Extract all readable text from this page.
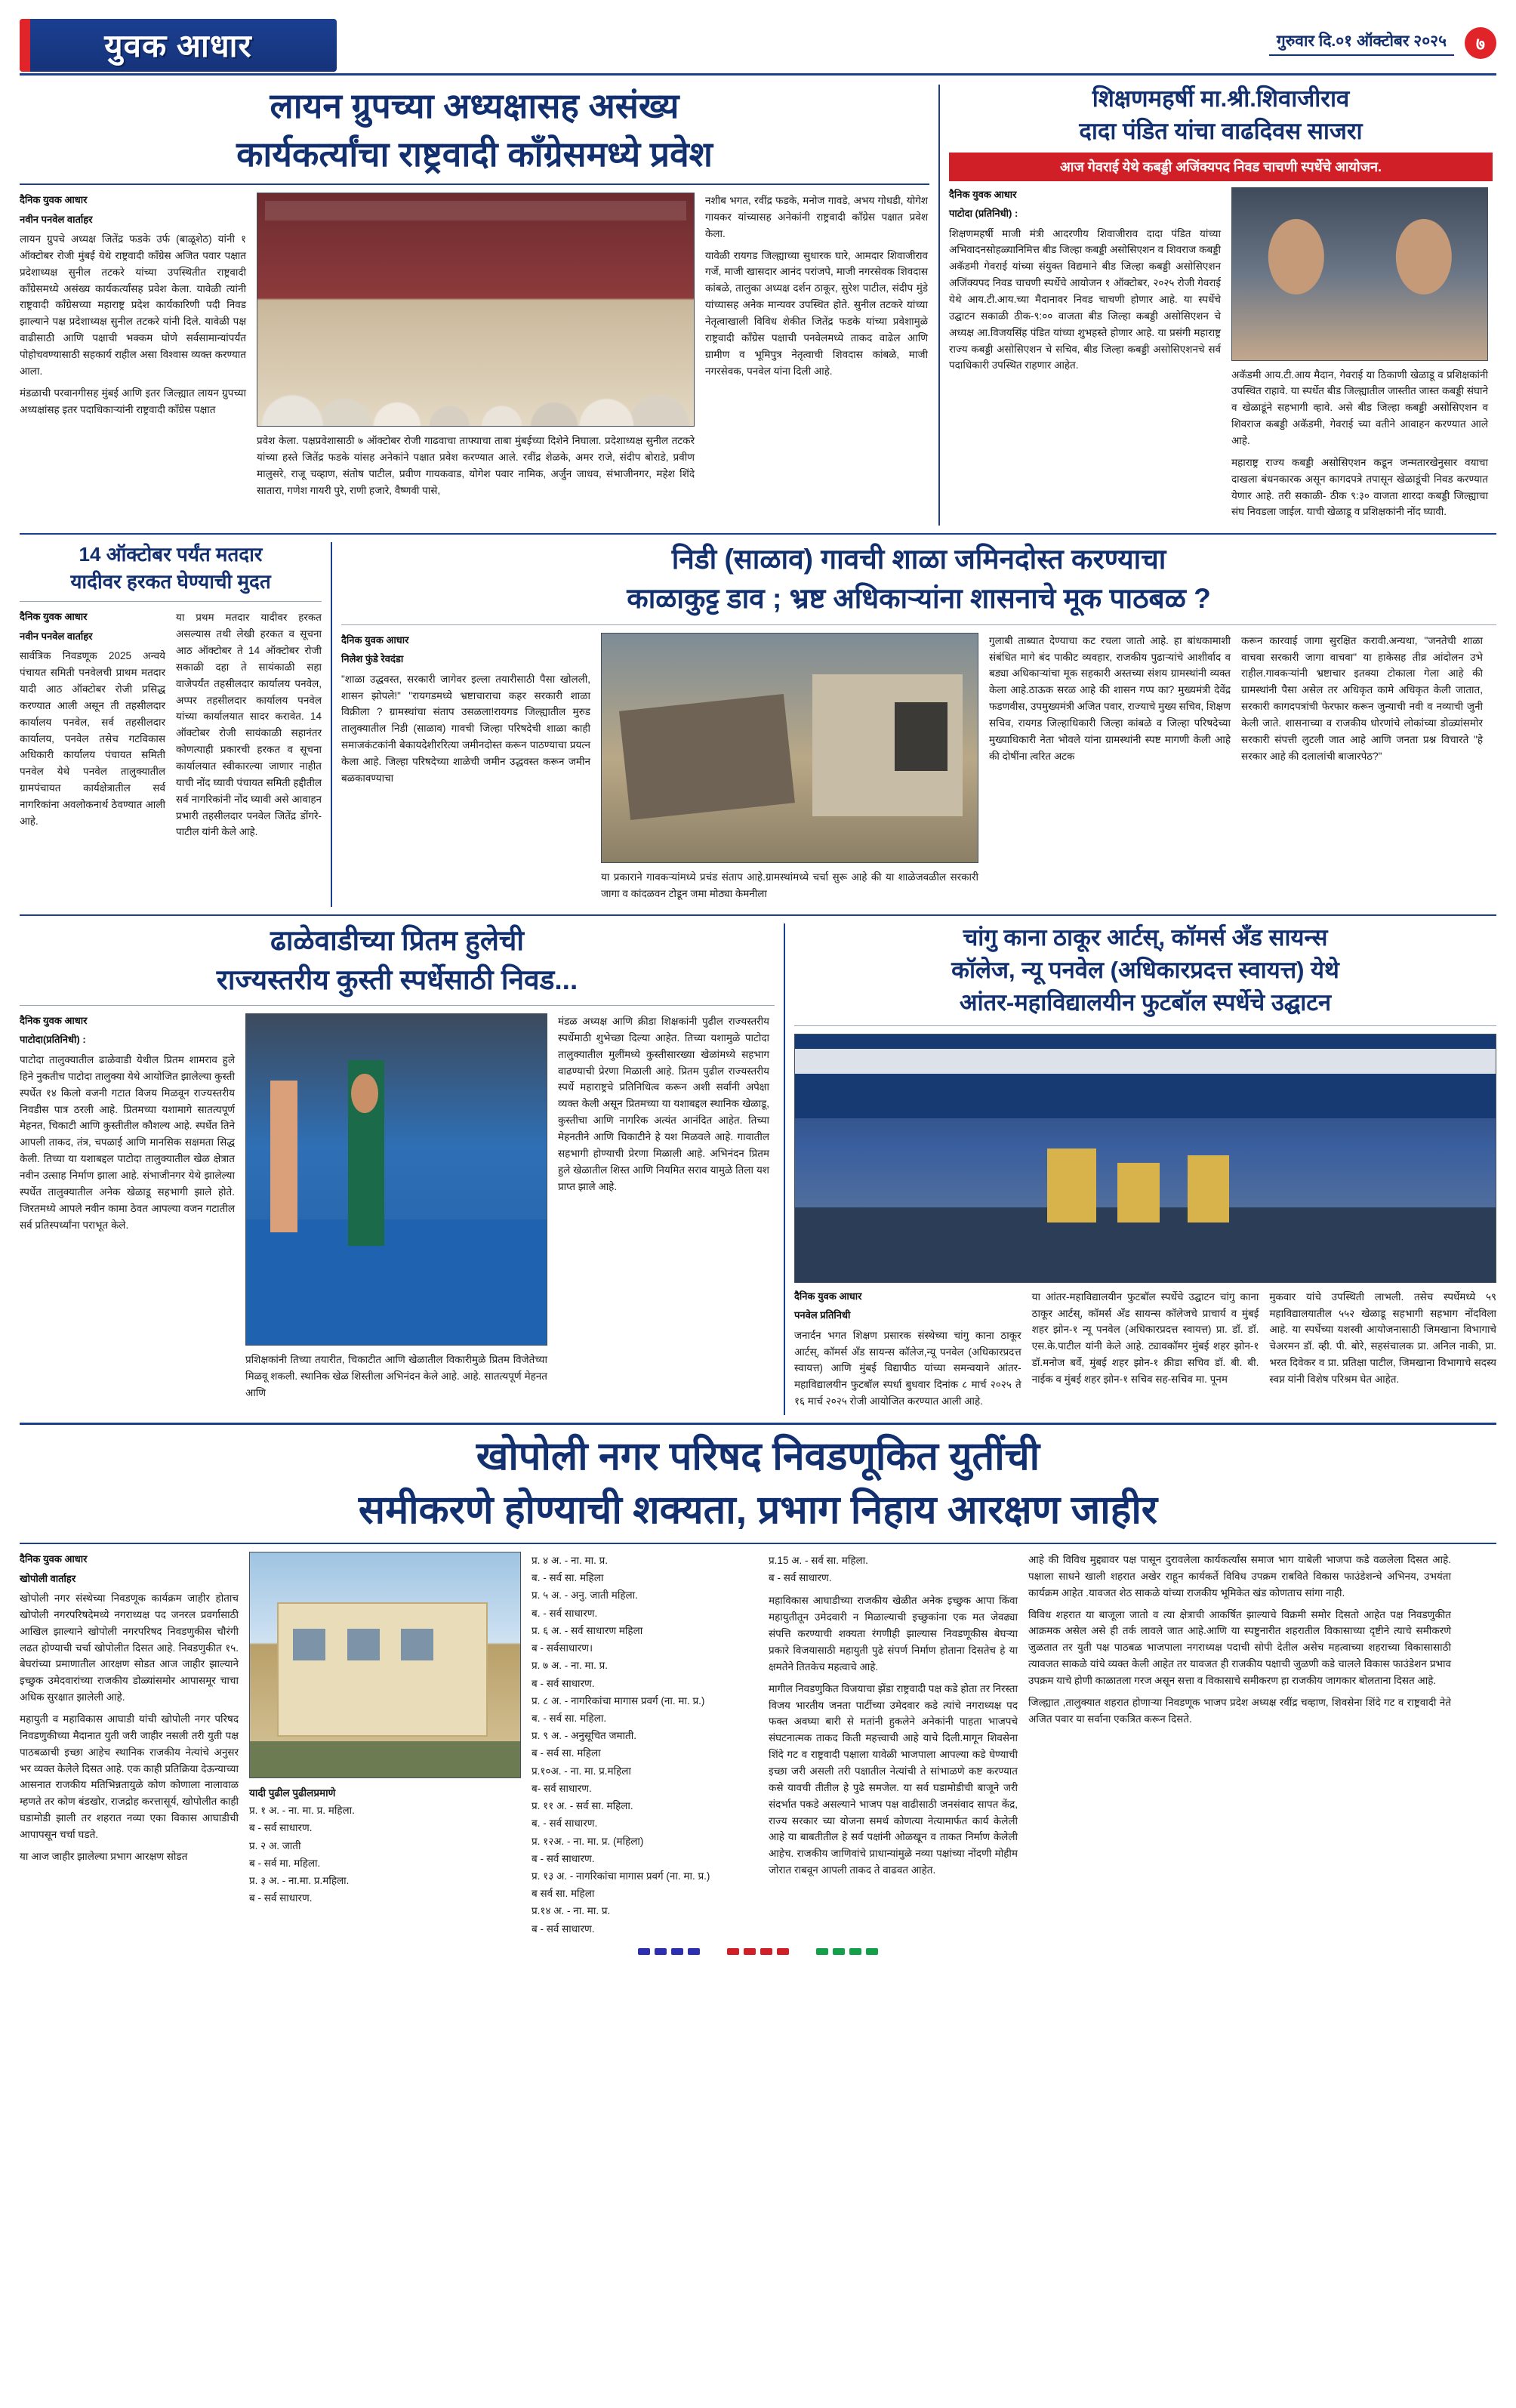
युवक आधार	गुरुवार दि.०१ ऑक्टोबर २०२५	७
लायन ग्रुपच्या अध्यक्षासह असंख्य
कार्यकर्त्यांचा राष्ट्रवादी काँग्रेसमध्ये प्रवेश
दैनिक युवक आधार
नवीन पनवेल वार्ताहर

लायन ग्रुपचे अध्यक्ष जितेंद्र फडके उर्फ (बाळूशेठ) यांनी १ ऑक्टोबर रोजी मुंबई येथे राष्ट्रवादी काँग्रेस अजित पवार पक्षात प्रदेशाध्यक्ष सुनील तटकरे यांच्या उपस्थितीत राष्ट्रवादी काँग्रेसमध्ये असंख्य कार्यकर्त्यांसह प्रवेश केला. यावेळी त्यांनी राष्ट्रवादी काँग्रेसच्या महाराष्ट्र प्रदेश कार्यकारिणी पदी निवड झाल्याने पक्ष प्रदेशाध्यक्ष सुनील तटकरे यांनी दिले. यावेळी पक्ष वाढीसाठी आणि पक्षाची भक्कम घोणे सर्वसामान्यांपर्यंत पोहोचवण्यासाठी सहकार्य राहील असा विश्वास व्यक्त करण्यात आला.

मंडळाची परवानगीसह मुंबई आणि इतर जिल्ह्यात लायन ग्रुपच्या अध्यक्षांसह इतर पदाधिकाऱ्यांनी राष्ट्रवादी काँग्रेस पक्षात

प्रवेश केला. पक्षप्रवेशासाठी ७ ऑक्टोबर रोजी गाढवाचा ताफ्याचा ताबा मुंबईच्या दिशेने निघाला. प्रदेशाध्यक्ष सुनील तटकरे यांच्या हस्ते जितेंद्र फडके यांसह अनेकांने पक्षात प्रवेश करण्यात आले. रवींद्र शेळके, अमर राजे, संदीप बोराडे, प्रवीण मालुसरे, राजू चव्हाण, संतोष पाटील, प्रवीण गायकवाड, योगेश पवार नामिक, अर्जुन जाधव, संभाजीनगर, महेश शिंदे सातारा, गणेश गायरी पुरे, राणी हजारे, वैष्णवी पासे,

नशीब भगत, रवींद्र फडके, मनोज गावडे, अभय गोधडी, योगेश गायकर यांच्यासह अनेकांनी राष्ट्रवादी काँग्रेस पक्षात प्रवेश केला.

यावेळी रायगड जिल्ह्याच्या सुधारक घारे, आमदार शिवाजीराव गर्जे, माजी खासदार आनंद परांजपे, माजी नगरसेवक शिवदास कांबळे, तालुका अध्यक्ष दर्शन ठाकूर, सुरेश पाटील, संदीप मुंडे यांच्यासह अनेक मान्यवर उपस्थित होते. सुनील तटकरे यांच्या नेतृत्वाखाली विविध शेकीत जितेंद्र फडके यांच्या प्रवेशामुळे राष्ट्रवादी काँग्रेस पक्षाची पनवेलमध्ये ताकद वाढेल आणि ग्रामीण व भूमिपुत्र नेतृत्वाची शिवदास कांबळे, माजी नगरसेवक, पनवेल यांना दिली आहे.

शिक्षणमहर्षी मा.श्री.शिवाजीराव
दादा पंडित यांचा वाढदिवस साजरा
आज गेवराई येथे कबड्डी अजिंक्यपद निवड चाचणी स्पर्धेचे आयोजन.
दैनिक युवक आधार
पाटोदा (प्रतिनिधी) :

शिक्षणमहर्षी माजी मंत्री आदरणीय शिवाजीराव दादा पंडित यांच्या अभिवादनसोहळ्यानिमित्त बीड जिल्हा कबड्डी असोसिएशन व शिवराज कबड्डी अकॅडमी गेवराई यांच्या संयुक्त विद्यमाने बीड जिल्हा कबड्डी असोसिएशन अजिंक्यपद निवड चाचणी स्पर्धेचे आयोजन १ ऑक्टोबर, २०२५ रोजी गेवराई येथे आय.टी.आय.च्या मैदानावर निवड चाचणी होणार आहे. या स्पर्धेचे उद्घाटन सकाळी ठीक-९:०० वाजता बीड जिल्हा कबड्डी असोसिएशन चे अध्यक्ष आ.विजयसिंह पंडित यांच्या शुभहस्ते होणार आहे. या प्रसंगी महाराष्ट्र राज्य कबड्डी असोसिएशन चे सचिव, बीड जिल्हा कबड्डी असोसिएशनचे सर्व पदाधिकारी उपस्थित राहणार आहेत.

अकॅडमी आय.टी.आय मैदान, गेवराई या ठिकाणी खेळाडू व प्रशिक्षकांनी उपस्थित राहावे. या स्पर्धेत बीड जिल्ह्यातील जास्तीत जास्त कबड्डी संघाने व खेळाडूंने सहभागी व्हावे. असे बीड जिल्हा कबड्डी असोसिएशन व शिवराज कबड्डी अकॅडमी, गेवराई च्या वतीने आवाहन करण्यात आले आहे.

महाराष्ट्र राज्य कबड्डी असोसिएशन कडून जन्मतारखेनुसार वयाचा दाखला बंधनकारक असून कागदपत्रे तपासून खेळाडूंची निवड करण्यात येणार आहे. तरी सकाळी- ठीक ९:३० वाजता शारदा कबड्डी जिल्ह्याचा संघ निवडला जाईल. याची खेळाडू व प्रशिक्षकांनी नोंद घ्यावी.

14 ऑक्टोबर पर्यंत मतदार
यादीवर हरकत घेण्याची मुदत
दैनिक युवक आधार
नवीन पनवेल वार्ताहर

सार्वत्रिक निवडणूक 2025 अन्वये पंचायत समिती पनवेलची प्राथम मतदार यादी आठ ऑक्टोबर रोजी प्रसिद्ध करण्यात आली असून ती तहसीलदार कार्यालय पनवेल, सर्व तहसीलदार कार्यालय, पनवेल तसेच गटविकास अधिकारी कार्यालय पंचायत समिती पनवेल येथे पनवेल तालुक्यातील ग्रामपंचायत कार्यक्षेत्रातील सर्व नागरिकांना अवलोकनार्थ ठेवण्यात आली आहे.

या प्रथम मतदार यादीवर हरकत असल्यास तथी लेखी हरकत व सूचना आठ ऑक्टोबर ते 14 ऑक्टोबर रोजी सकाळी दहा ते सायंकाळी सहा वाजेपर्यंत तहसीलदार कार्यालय पनवेल, अप्पर तहसीलदार कार्यालय पनवेल यांच्या कार्यालयात सादर करावेत. 14 ऑक्टोबर रोजी सायंकाळी सहानंतर कोणत्याही प्रकारची हरकत व सूचना कार्यालयात स्वीकारल्या जाणार नाहीत याची नोंद घ्यावी पंचायत समिती हद्दीतील सर्व नागरिकांनी नोंद घ्यावी असे आवाहन प्रभारी तहसीलदार पनवेल जितेंद्र डोंगरे-पाटील यांनी केले आहे.

निडी (साळाव) गावची शाळा जमिनदोस्त करण्याचा
काळाकुट्ट डाव ; भ्रष्ट अधिकाऱ्यांना शासनाचे मूक पाठबळ ?
दैनिक युवक आधार
निलेश फुंडे रेवदंडा

"शाळा उद्धवस्त, सरकारी जागेवर इल्ला तयारीसाठी पैसा खोलली, शासन झोपले!" "रायगडमध्ये भ्रष्टाचाराचा कहर सरकारी शाळा विक्रीला ? ग्रामस्थांचा संताप उसळला!रायगड जिल्ह्यातील मुरुड तालुक्यातील निडी (साळाव) गावची जिल्हा परिषदेची शाळा काही समाजकंटकांनी बेकायदेशीररित्या जमीनदोस्त करून पाठण्याचा प्रयत्न केला आहे. जिल्हा परिषदेच्या शाळेची जमीन उद्धवस्त करून जमीन बळकावण्याचा

या प्रकाराने गावकऱ्यांमध्ये प्रचंड संताप आहे.ग्रामस्थांमध्ये चर्चा सुरू आहे की या शाळेजवळील सरकारी जागा व कांदळवन टोडून जमा मोठ्या केमनीला

गुलाबी ताब्यात देण्याचा कट रचला जातो आहे. हा बांधकामाशी संबंधित मागे बंद पाकीट व्यवहार, राजकीय पुढाऱ्यांचे आशीर्वाद व बड्या अधिकाऱ्यांचा मूक सहकारी अस्तच्या संशय ग्रामस्थांनी व्यक्त केला आहे.ठाऊक सरळ आहे की शासन गप्प का? मुख्यमंत्री देवेंद्र फडणवीस, उपमुख्यमंत्री अजित पवार, राज्याचे मुख्य सचिव, शिक्षण सचिव, रायगड जिल्हाधिकारी जिल्हा कांबळे व जिल्हा परिषदेच्या मुख्याधिकारी नेता भोवले यांना ग्रामस्थांनी स्पष्ट मागणी केली आहे की दोषींना त्वरित अटक

करून कारवाई जागा सुरक्षित करावी.अन्यथा, "जनतेची शाळा वाचवा सरकारी जागा वाचवा" या हाकेसह तीव्र आंदोलन उभे राहील.गावकऱ्यांनी भ्रष्टाचार इतक्या टोकाला गेला आहे की ग्रामस्थांनी पैसा असेल तर अधिकृत कामे अधिकृत केली जातात, सरकारी कागदपत्रांची फेरफार करून जुन्याची नवी व नव्याची जुनी केली जाते. शासनाच्या व राजकीय धोरणांचे लोकांच्या डोळ्यांसमोर सरकारी संपत्ती लुटली जात आहे आणि जनता प्रश्न विचारते "हे सरकार आहे की दलालांची बाजारपेठ?"

ढाळेवाडीच्या प्रितम हुलेची
राज्यस्तरीय कुस्ती स्पर्धेसाठी निवड...
दैनिक युवक आधार
पाटोदा(प्रतिनिधी) :

पाटोदा तालुक्यातील ढाळेवाडी येथील प्रितम शामराव हुले हिने नुकतीच पाटोदा तालुक्या येथे आयोजित झालेल्या कुस्ती स्पर्धेत १४ किलो वजनी गटात विजय मिळवून राज्यस्तरीय निवडीस पात्र ठरली आहे. प्रितमच्या यशामागे सातत्यपूर्ण मेहनत, चिकाटी आणि कुस्तीतील कौशल्य आहे. स्पर्धेत तिने आपली ताकद, तंत्र, चपळाई आणि मानसिक सक्षमता सिद्ध केली. तिच्या या यशाबद्दल पाटोदा तालुक्यातील खेळ क्षेत्रात नवीन उत्साह निर्माण झाला आहे. संभाजीनगर येथे झालेल्या स्पर्धेत तालुक्यातील अनेक खेळाडू सहभागी झाले होते. जिरतमध्ये आपले नवीन कामा ठेवत आपल्या वजन गटातील सर्व प्रतिस्पर्ध्यांना पराभूत केले.

प्रशिक्षकांनी तिच्या तयारीत, चिकाटीत आणि खेळातील विकारीमुळे प्रितम विजेतेच्या मिळवू शकली. स्थानिक खेळ शिस्तीला अभिनंदन केले आहे. आहे. सातत्यपूर्ण मेहनत आणि

मंडळ अध्यक्ष आणि क्रीडा शिक्षकांनी पुढील राज्यस्तरीय स्पर्धेमाठी शुभेच्छा दिल्या आहेत. तिच्या यशामुळे पाटोदा तालुक्यातील मुलींमध्ये कुस्तीसारख्या खेळांमध्ये सहभाग वाढण्याची प्रेरणा मिळाली आहे. प्रितम पुढील राज्यस्तरीय स्पर्धे महाराष्ट्रचे प्रतिनिधित्व करून अशी सर्वांनी अपेक्षा व्यक्त केली असून प्रितमच्या या यशाबद्दल स्थानिक खेळाडू, कुस्तीचा आणि नागरिक अत्यंत आनंदित आहेत. तिच्या मेहनतीने आणि चिकाटीने हे यश मिळवले आहे. गावातील सहभागी होण्याची प्रेरणा मिळाली आहे. अभिनंदन प्रितम हुले खेळातील शिस्त आणि नियमित सराव यामुळे तिला यश प्राप्त झाले आहे.

चांगु काना ठाकूर आर्टस्, कॉमर्स अँड सायन्स
कॉलेज, न्यू पनवेल (अधिकारप्रदत्त स्वायत्त) येथे
आंतर-महाविद्यालयीन फुटबॉल स्पर्धेचे उद्घाटन
दैनिक युवक आधार
पनवेल प्रतिनिधी

जनार्दन भगत शिक्षण प्रसारक संस्थेच्या चांगु काना ठाकूर आर्टस्, कॉमर्स अँड सायन्स कॉलेज,न्यू पनवेल (अधिकारप्रदत्त स्वायत्त) आणि मुंबई विद्यापीठ यांच्या समन्वयाने आंतर-महाविद्यालयीन फुटबॉल स्पर्धा बुधवार दिनांक ८ मार्च २०२५ ते १६ मार्च २०२५ रोजी आयोजित करण्यात आली आहे.

या आंतर-महाविद्यालयीन फुटबॉल स्पर्धेचे उद्घाटन चांगु काना ठाकूर आर्टस्, कॉमर्स अँड सायन्स कॉलेजचे प्राचार्य व मुंबई शहर झोन-१ न्यू पनवेल (अधिकारप्रदत्त स्वायत्त) प्रा. डॉ. डॉ. एस.के.पाटील यांनी केले आहे. ट्यावकॉमर मुंबई शहर झोन-१ डॉ.मनोज बर्वे, मुंबई शहर झोन-१ क्रीडा सचिव डॉ. बी. बी. नाईक व मुंबई शहर झोन-१ सचिव सह-सचिव मा. पूनम

मुकवार यांचे उपस्थिती लाभली. तसेच स्पर्धेमध्ये ५९ महाविद्यालयातील ५५२ खेळाडू सहभागी सहभाग नोंदविला आहे. या स्पर्धेच्या यशस्वी आयोजनासाठी जिमखाना विभागाचे चेअरमन डॉ. व्ही. पी. बोरे, सहसंचालक प्रा. अनिल नाकी, प्रा. भरत दिवेकर व प्रा. प्रतिक्षा पाटील, जिमखाना विभागाचे सदस्य स्वप्न यांनी विशेष परिश्रम घेत आहेत.

खोपोली नगर परिषद निवडणूकित युतींची
समीकरणे होण्याची शक्यता, प्रभाग निहाय आरक्षण जाहीर
दैनिक युवक आधार
खोपोली वार्ताहर

खोपोली नगर संस्थेच्या निवडणूक कार्यक्रम जाहीर होताच खोपोली नगरपरिषदेमध्ये नगराध्यक्ष पद जनरल प्रवर्गासाठी आखिल झाल्याने खोपोली नगरपरिषद निवडणुकीस चौरंगी लढत होण्याची चर्चा खोपोलीत दिसत आहे. निवडणुकीत १५. बेघरांच्या प्रमाणातील आरक्षण सोडत आज जाहीर झाल्याने इच्छुक उमेदवारांच्या राजकीय डोळ्यांसमोर आपासमूर चाचा अधिक सुरक्षात झालेली आहे.

महायुती व महाविकास आघाडी यांची खोपोली नगर परिषद निवडणुकीच्या मैदानात युती जरी जाहीर नसली तरी युती पक्ष पाठबळाची इच्छा आहेच स्थानिक राजकीय नेत्यांचे अनुसर भर व्यक्त केलेले दिसत आहे. एक काही प्रतिक्रिया देऊन्याच्या आसनात राजकीय मतिभिन्नतायुळे कोण कोणाला नालावाळ म्हणते तर कोण बंडखोर, राजद्रोह करत्तासूर्य, खोपोलीत काही घडामोडी झाली तर शहरात नव्या एका विकास आघाडीची आपापसून चर्चा घडते.

या आज जाहीर झालेल्या प्रभाग आरक्षण सोडत

यादी पुढील पुढीलप्रमाणे
प्र. १ अ. - ना. मा. प्र. महिला.
ब - सर्व साधारण.
प्र. २ अ. जाती
ब - सर्व मा. महिला.
प्र. ३ अ. - ना.मा. प्र.महिला.
ब - सर्व साधारण.
प्र. ४ अ. - ना. मा. प्र.
ब. - सर्व सा. महिला
प्र. ५ अ. - अनु. जाती महिला.
ब. - सर्व साधारण.
प्र. ६ अ. - सर्व साधारण महिला
ब - सर्वसाधारण।
प्र. ७ अ. - ना. मा. प्र.
ब - सर्व साधारण.
प्र. ८ अ. - नागरिकांचा मागास प्रवर्ग (ना. मा. प्र.)
ब. - सर्व सा. महिला.
प्र. ९ अ. - अनुसूचित जमाती.
ब - सर्व सा. महिला
प्र.१०अ. - ना. मा. प्र.महिला
ब- सर्व साधारण.
प्र. ११ अ. - सर्व सा. महिला.
ब. - सर्व साधारण.
प्र. १२अ. - ना. मा. प्र. (महिला)
ब - सर्व साधारण.
प्र. १३ अ. - नागरिकांचा मागास प्रवर्ग (ना. मा. प्र.)
ब सर्व सा. महिला
प्र.१४ अ. - ना. मा. प्र.
ब - सर्व साधारण.
प्र.15 अ. - सर्व सा. महिला.
ब - सर्व साधारण.

महाविकास आघाडीच्या राजकीय खेळीत अनेक इच्छुक आपा किंवा महायुतीतून उमेदवारी न मिळाल्याची इच्छुकांना एक मत जेवढ्या संपत्ति करण्याची शक्यता रंगणीही झाल्यास निवडणूकीस बेघऱ्या प्रकारे विजयासाठी महायुती पुढे संपर्ण निर्माण होताना दिसतेच हे या क्षमतेने तितकेच महत्वाचे आहे.

मागील निवडणुकित विजयाचा झेंडा राष्ट्रवादी पक्ष कडे होता तर निरस्ता विजय भारतीय जनता पार्टीच्या उमेदवार कडे त्यांचे नगराध्यक्ष पद फक्त अवघ्या बारी से मतांनी हुकलेने अनेकांनी पाहता भाजपचे संघटनात्मक ताकद किती महत्त्वाची आहे याचे दिली.मागून शिवसेना शिंदे गट व राष्ट्रवादी पक्षाला यावेळी भाजपाला आपल्या कडे घेण्याची इच्छा जरी असली तरी पक्षातील नेत्यांची ते सांभाळणे कष्ट करण्यात कसे यावची तीतील हे पुढे समजेल. या सर्व घडामोडीची बाजूने जरी संदर्भात पकडे असल्याने भाजप पक्ष वाढीसाठी जनसंवाद सापत केंद्र, राज्य सरकार च्या योजना समर्थ कोणत्या नेत्यामार्फत कार्य केलेली आहे या बाबतीतील हे सर्व पक्षांनी ओळखून व ताकत निर्माण केलेली आहेच. राजकीय जाणिवांचे प्राधान्यांमुळे नव्या पक्षांच्या नोंदणी मोहीम जोरात राबवून आपली ताकद ते वाढवत आहेत.

आहे की विविध मुद्द्यावर पक्ष पासून दुरावलेला कार्यकर्त्यांस समाज भाग याबेली भाजपा कडे वळलेला दिसत आहे. पक्षाला साधने खाली शहरात अखेर राहून कार्यकर्ते विविध उपक्रम राबविते विकास फाउंडेशन्चे अभिनय, उभयंता कार्यक्रम आहेत .यावजत शेठ साकळे यांच्या राजकीय भूमिकेत खंड कोणताच सांगा नाही.

विविध शहरात या बाजूला जातो व त्या क्षेत्राची आकर्षित झाल्याचे विक्रमी समोर दिसतो आहेत पक्ष निवडणुकीत आक्रमक असेल असे ही तर्क लावले जात आहे.आणि या स्पष्टुनारीत शहरातील विकासाच्या दृष्टीने त्याचे समीकरणे जुळतात तर युती पक्ष पाठबळ भाजपाला नगराध्यक्ष पदाची सोपी देतील असेच महत्वाच्या शहराच्या विकासासाठी त्यावजत साकळे यांचे व्यक्त केली आहेत तर यावजत ही राजकीय पक्षाची जुळणी कडे चालले विकास फाउंडेशन प्रभाव उपक्रम याचे होणी काळातला गरज असून सत्ता व विकासाचे समीकरण हा राजकीय जागकार बोलताना दिसत आहे.

जिल्ह्यात ,तालुक्यात शहरात होणाऱ्या निवडणूक भाजप प्रदेश अध्यक्ष रवींद्र चव्हाण, शिवसेना शिंदे गट व राष्ट्रवादी नेते अजित पवार या सर्वाना एकत्रित करून दिसते.
